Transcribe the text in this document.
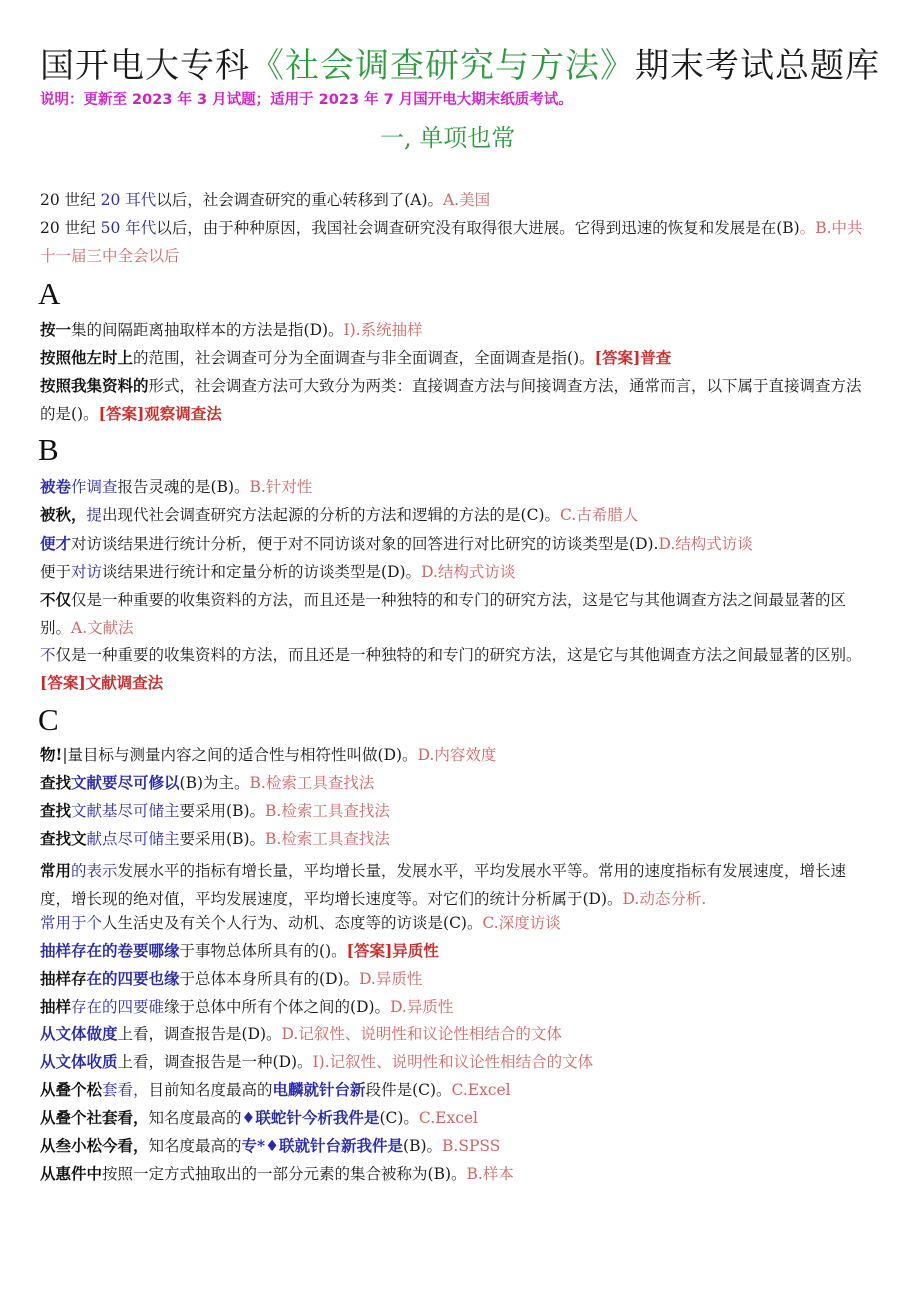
国开电大专科《社会调查研究与方法》期末考试总题库
说明：更新至 2023 年 3 月试题；适用于 2023 年 7 月国开电大期末纸质考试。
一, 单项也常
20 世纪 20 耳代以后，社会调查研究的重心转移到了(A)。A.美国
20 世纪 50 年代以后，由于种种原因，我国社会调查研究没有取得很大进展。它得到迅速的恢复和发展是在(B)。B.中共十一届三中全会以后
A
按一集的间隔距离抽取样本的方法是指(D)。I).系统抽样
按照他左时上的范围，社会调查可分为全面调查与非全面调查，全面调查是指()。[答案]普查
按照我集资料的形式，社会调查方法可大致分为两类：直接调查方法与间接调查方法，通常而言，以下属于直接调查方法的是()。[答案]观察调查法
B
被卷作调查报告灵魂的是(B)。B.针对性
被秋，提出现代社会调查研究方法起源的分析的方法和逻辑的方法的是(C)。C.古希腊人
便才对访谈结果进行统计分析，便于对不同访谈对象的回答进行对比研究的访谈类型是(D).D.结构式访谈
便于对访谈结果进行统计和定量分析的访谈类型是(D)。D.结构式访谈
不仅仅是一种重要的收集资料的方法，而且还是一种独特的和专门的研究方法，这是它与其他调查方法之间最显著的区别。A.文献法
不仅是一种重要的收集资料的方法，而且还是一种独特的和专门的研究方法，这是它与其他调查方法之间最显著的区别。[答案]文献调查法
C
物!|量目标与测量内容之间的适合性与相符性叫做(D)。D.内容效度
查找文献要尽可修以(B)为主。B.检索工具查找法
查找文献基尽可储主要采用(B)。B.检索工具查找法
查找文献点尽可储主要采用(B)。B.检索工具查找法
常用的表示发展水平的指标有增长量，平均增长量，发展水平，平均发展水平等。常用的速度指标有发展速度，增长速度，增长现的绝对值，平均发展速度，平均增长速度等。对它们的统计分析属于(D)。D.动态分析.
常用于个人生活史及有关个人行为、动机、态度等的访谈是(C)。C.深度访谈
抽样存在的卷要哪缘于事物总体所具有的()。[答案]异质性
抽样存在的四要也缘于总体本身所具有的(D)。D.异质性
抽样存在的四要碓缘于总体中所有个体之间的(D)。D.异质性
从文体做度上看，调查报告是(D)。D.记叙性、说明性和议论性相结合的文体
从文体收质上看，调查报告是一种(D)。I).记叙性、说明性和议论性相结合的文体
从叠个松套看，目前知名度最高的电麟就针台新段件是(C)。C.Excel
从叠个社套看，知名度最高的♦联蛇针今析我件是(C)。C.Excel
从叁小松今看，知名度最高的专*♦联就针台新我件是(B)。B.SPSS
从惠件中按照一定方式抽取出的一部分元素的集合被称为(B)。B.样本
